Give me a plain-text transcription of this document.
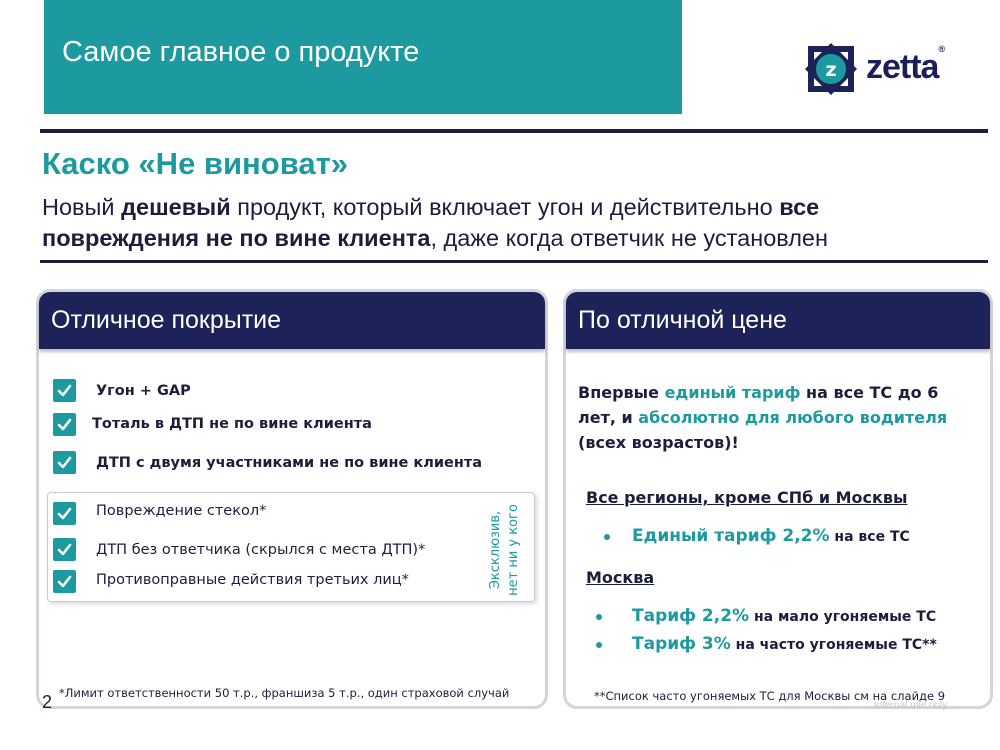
Самое главное о продукте
z zetta®
Каско «Не виноват»
Новый дешевый продукт, который включает угон и действительно все повреждения не по вине клиента, даже когда ответчик не установлен
Отличное покрытие
Угон + GAP
Тоталь в ДТП не по вине клиента
ДТП с двумя участниками не по вине клиента
Повреждение стекол*
ДТП без ответчика (скрылся с места ДТП)*
Противоправные действия третьих лиц*	Эксклюзив, нет ни у кого
*Лимит ответственности 50 т.р., франшиза 5 т.р., один страховой случай
По отличной цене
Впервые единый тариф на все ТС до 6 лет, и абсолютно для любого водителя (всех возрастов)!
Все регионы, кроме СПб и Москвы
Единый тариф 2,2% на все ТС
Москва
Тариф 2,2% на мало угоняемые ТС
Тариф 3% на часто угоняемые ТС**
**Список часто угоняемых ТС для Москвы см на слайде 9
2	Internal use only
